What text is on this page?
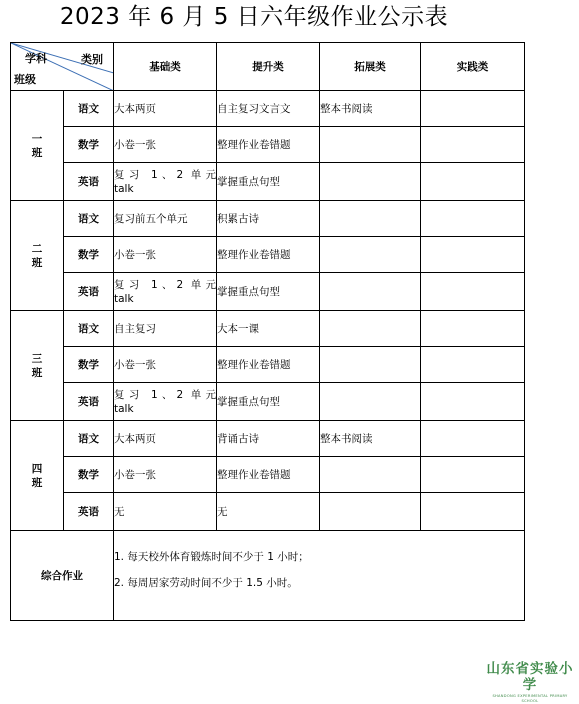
2023 年 6 月 5 日六年级作业公示表
类别
学科
班级		基础类	提升类	拓展类	实践类

一
班	语文	大本两页	自主复习文言文	整本书阅读	

	数学	小卷一张	整理作业卷错题		

	英语	复习 1、2 单元
talk	掌握重点句型		

二
班	语文	复习前五个单元	积累古诗		

	数学	小卷一张	整理作业卷错题		

	英语	复习 1、2 单元
talk	掌握重点句型		

三
班	语文	自主复习	大本一课		

	数学	小卷一张	整理作业卷错题		

	英语	复习 1、2 单元
talk	掌握重点句型		

四
班	语文	大本两页	背诵古诗	整本书阅读	

	数学	小卷一张	整理作业卷错题		

	英语	无	无		

综合作业		1. 每天校外体育锻炼时间不少于 1 小时；

2. 每周居家劳动时间不少于 1.5 小时。			

山东省实验小学
SHANDONG EXPERIMENTAL PRIMARY SCHOOL
